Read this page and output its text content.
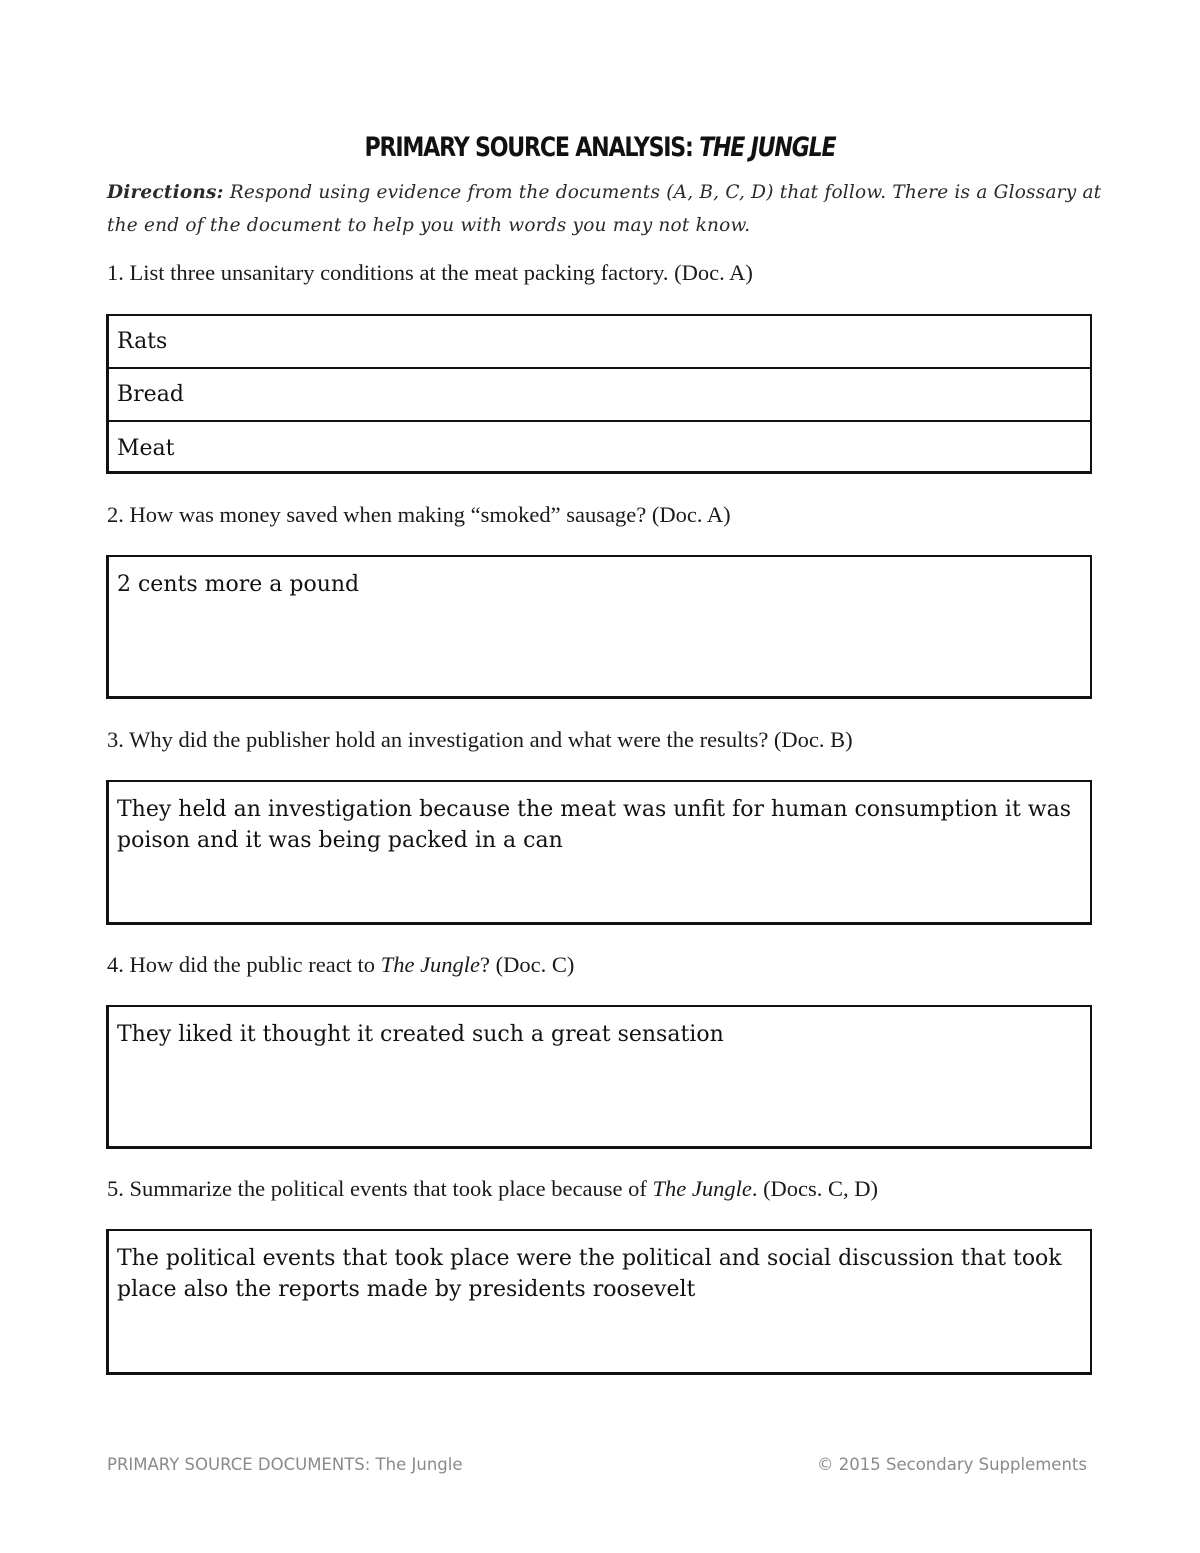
PRIMARY SOURCE ANALYSIS: THE JUNGLE
Directions: Respond using evidence from the documents (A, B, C, D) that follow. There is a Glossary at the end of the document to help you with words you may not know.
1. List three unsanitary conditions at the meat packing factory. (Doc. A)
Rats
Bread
Meat
2. How was money saved when making “smoked” sausage? (Doc. A)
2 cents more a pound
3. Why did the publisher hold an investigation and what were the results? (Doc. B)
They held an investigation because the meat was unfit for human consumption it was poison and it was being packed in a can
4. How did the public react to The Jungle? (Doc. C)
They liked it thought it created such a great sensation
5. Summarize the political events that took place because of The Jungle. (Docs. C, D)
The political events that took place were the political and social discussion that took place also the reports made by presidents roosevelt
PRIMARY SOURCE DOCUMENTS: The Jungle	© 2015 Secondary Supplements
